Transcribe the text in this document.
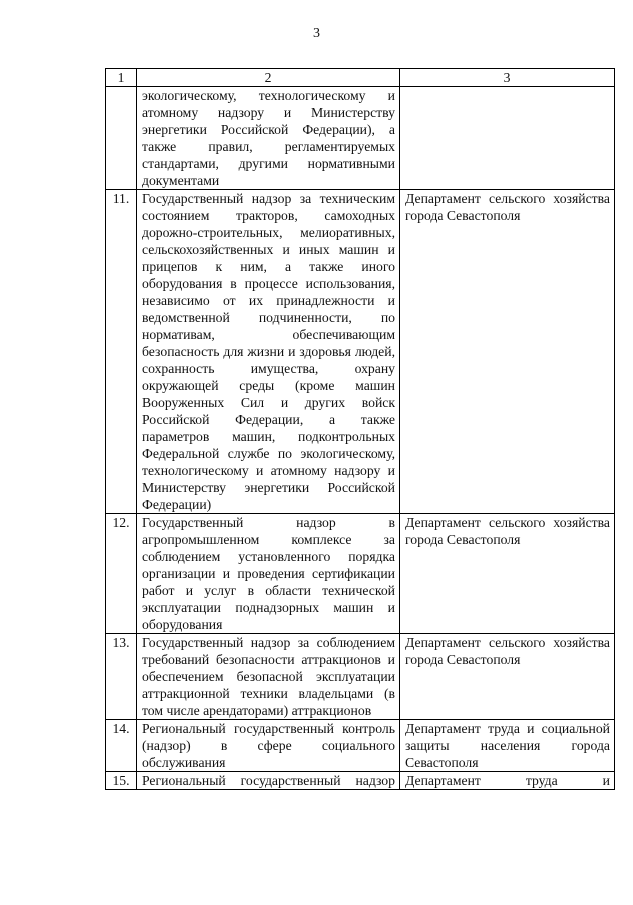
3
1	2	3
	экологическому, технологическому и атомному надзору и Министерству энергетики Российской Федерации), а также правил, регламентируемых стандартами, другими нормативными документами	
11.	Государственный надзор за техническим состоянием тракторов, самоходных дорожно-строительных, мелиоративных, сельскохозяйственных и иных машин и прицепов к ним, а также иного оборудования в процессе использования, независимо от их принадлежности и ведомственной подчиненности, по нормативам, обеспечивающим безопасность для жизни и здоровья людей, сохранность имущества, охрану окружающей среды (кроме машин Вооруженных Сил и других войск Российской Федерации, а также параметров машин, подконтрольных Федеральной службе по экологическому, технологическому и атомному надзору и Министерству энергетики Российской Федерации)	Департамент сельского хозяйства города Севастополя
12.	Государственный надзор в агропромышленном комплексе за соблюдением установленного порядка организации и проведения сертификации работ и услуг в области технической эксплуатации поднадзорных машин и оборудования	Департамент сельского хозяйства города Севастополя
13.	Государственный надзор за соблюдением требований безопасности аттракционов и обеспечением безопасной эксплуатации аттракционной техники владельцами (в том числе арендаторами) аттракционов	Департамент сельского хозяйства города Севастополя
14.	Региональный государственный контроль (надзор) в сфере социального обслуживания	Департамент труда и социальной защиты населения города Севастополя
15.	Региональный государственный надзор	Департамент труда и
